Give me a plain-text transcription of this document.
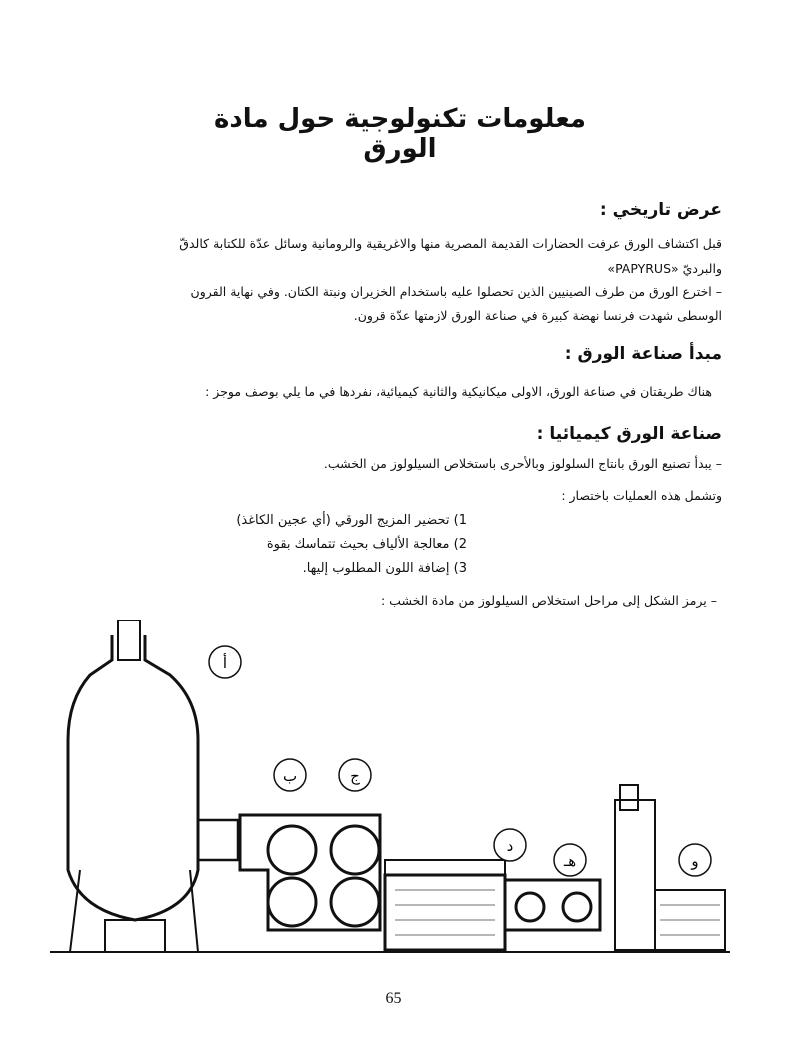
معلومات تكنولوجية حول مادة الورق
عرض تاريخي :
قبل اكتشاف الورق عرفت الحضارات القديمة المصرية منها والاغريقية والرومانية وسائل عدّة للكتابة كالدقّ
والبرديّ «PAPYRUS»
– اخترع الورق من طرف الصينيين الذين تحصلوا عليه باستخدام الخزيران ونبتة الكتان. وفي نهاية القرون
الوسطى شهدت فرنسا نهضة كبيرة في صناعة الورق لازمتها عدّة قرون.
مبدأ صناعة الورق :
هناك طريقتان في صناعة الورق، الاولى ميكانيكية والثانية كيميائية، نفردها في ما يلي بوصف موجز :
صناعة الورق كيميائيا :
– يبدأ تصنيع الورق بانتاج السلولوز وبالأحرى باستخلاص السيلولوز من الخشب.
وتشمل هذه العمليات باختصار :
1) تحضير المزيج الورقي (أي عجين الكاغذ)
2) معالجة الألياف بحيث تتماسك بقوة
3) إضافة اللون المطلوب إليها.
– يرمز الشكل إلى مراحل استخلاص السيلولوز من مادة الخشب :
أ
ب	ج
د
هـ	و
65
